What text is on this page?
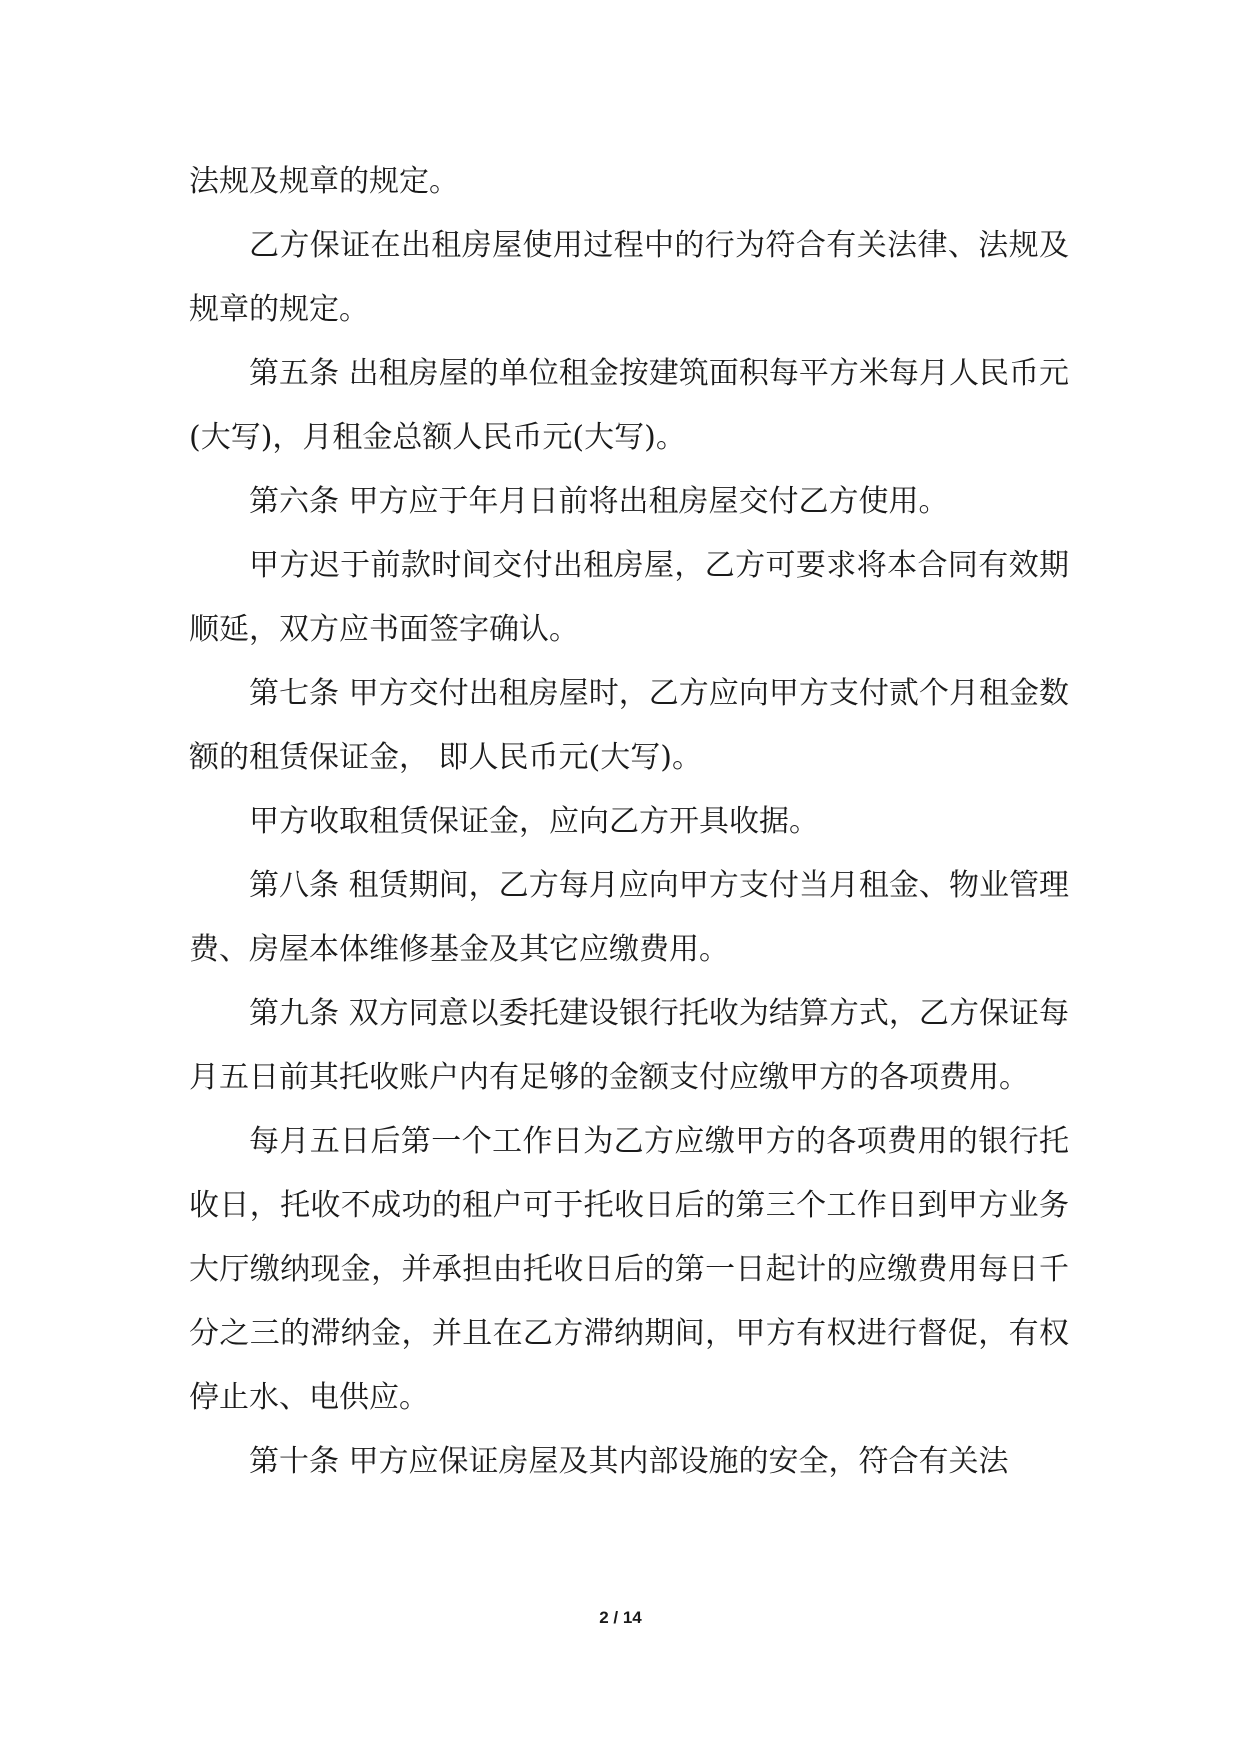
法规及规章的规定。

乙方保证在出租房屋使用过程中的行为符合有关法律、法规及规章的规定。

第五条 出租房屋的单位租金按建筑面积每平方米每月人民币元(大写)，月租金总额人民币元(大写)。

第六条 甲方应于年月日前将出租房屋交付乙方使用。

甲方迟于前款时间交付出租房屋，乙方可要求将本合同有效期顺延，双方应书面签字确认。

第七条 甲方交付出租房屋时，乙方应向甲方支付贰个月租金数额的租赁保证金， 即人民币元(大写)。

甲方收取租赁保证金，应向乙方开具收据。

第八条 租赁期间，乙方每月应向甲方支付当月租金、物业管理费、房屋本体维修基金及其它应缴费用。

第九条 双方同意以委托建设银行托收为结算方式，乙方保证每月五日前其托收账户内有足够的金额支付应缴甲方的各项费用。

每月五日后第一个工作日为乙方应缴甲方的各项费用的银行托收日，托收不成功的租户可于托收日后的第三个工作日到甲方业务大厅缴纳现金，并承担由托收日后的第一日起计的应缴费用每日千分之三的滞纳金，并且在乙方滞纳期间，甲方有权进行督促，有权停止水、电供应。

第十条 甲方应保证房屋及其内部设施的安全，符合有关法

2 / 14
